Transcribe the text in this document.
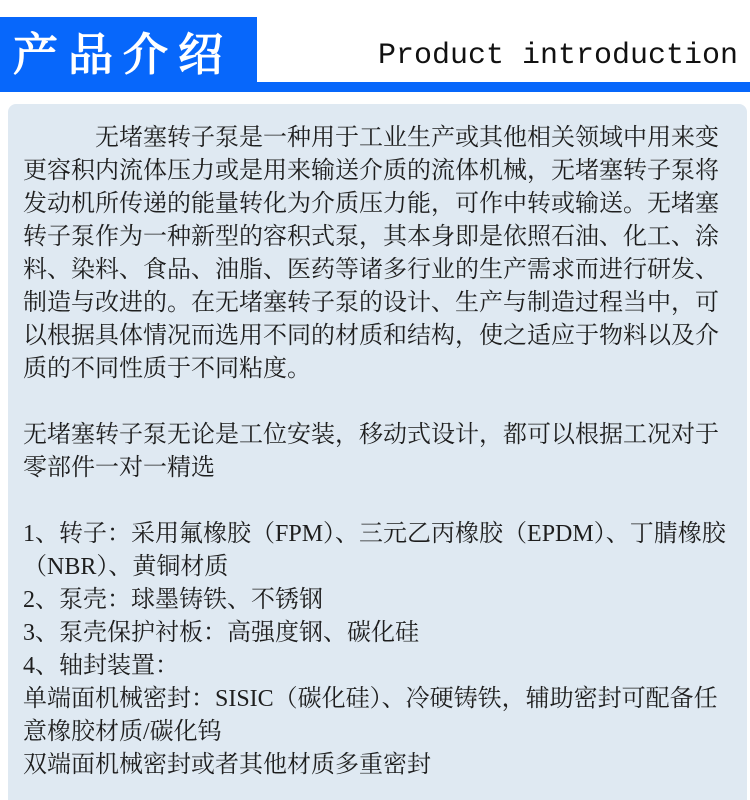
产品介绍	Product introduction

无堵塞转子泵是一种用于工业生产或其他相关领域中用来变更容积内流体压力或是用来输送介质的流体机械，无堵塞转子泵将发动机所传递的能量转化为介质压力能，可作中转或输送。无堵塞转子泵作为一种新型的容积式泵，其本身即是依照石油、化工、涂料、染料、食品、油脂、医药等诸多行业的生产需求而进行研发、制造与改进的。在无堵塞转子泵的设计、生产与制造过程当中，可以根据具体情况而选用不同的材质和结构，使之适应于物料以及介质的不同性质于不同粘度。

无堵塞转子泵无论是工位安装，移动式设计，都可以根据工况对于零部件一对一精选

1、转子：采用氟橡胶（FPM）、三元乙丙橡胶（EPDM）、丁腈橡胶（NBR）、黄铜材质
2、泵壳：球墨铸铁、不锈钢
3、泵壳保护衬板：高强度钢、碳化硅
4、轴封装置：
单端面机械密封：SISIC（碳化硅）、冷硬铸铁，辅助密封可配备任意橡胶材质/碳化钨
双端面机械密封或者其他材质多重密封
